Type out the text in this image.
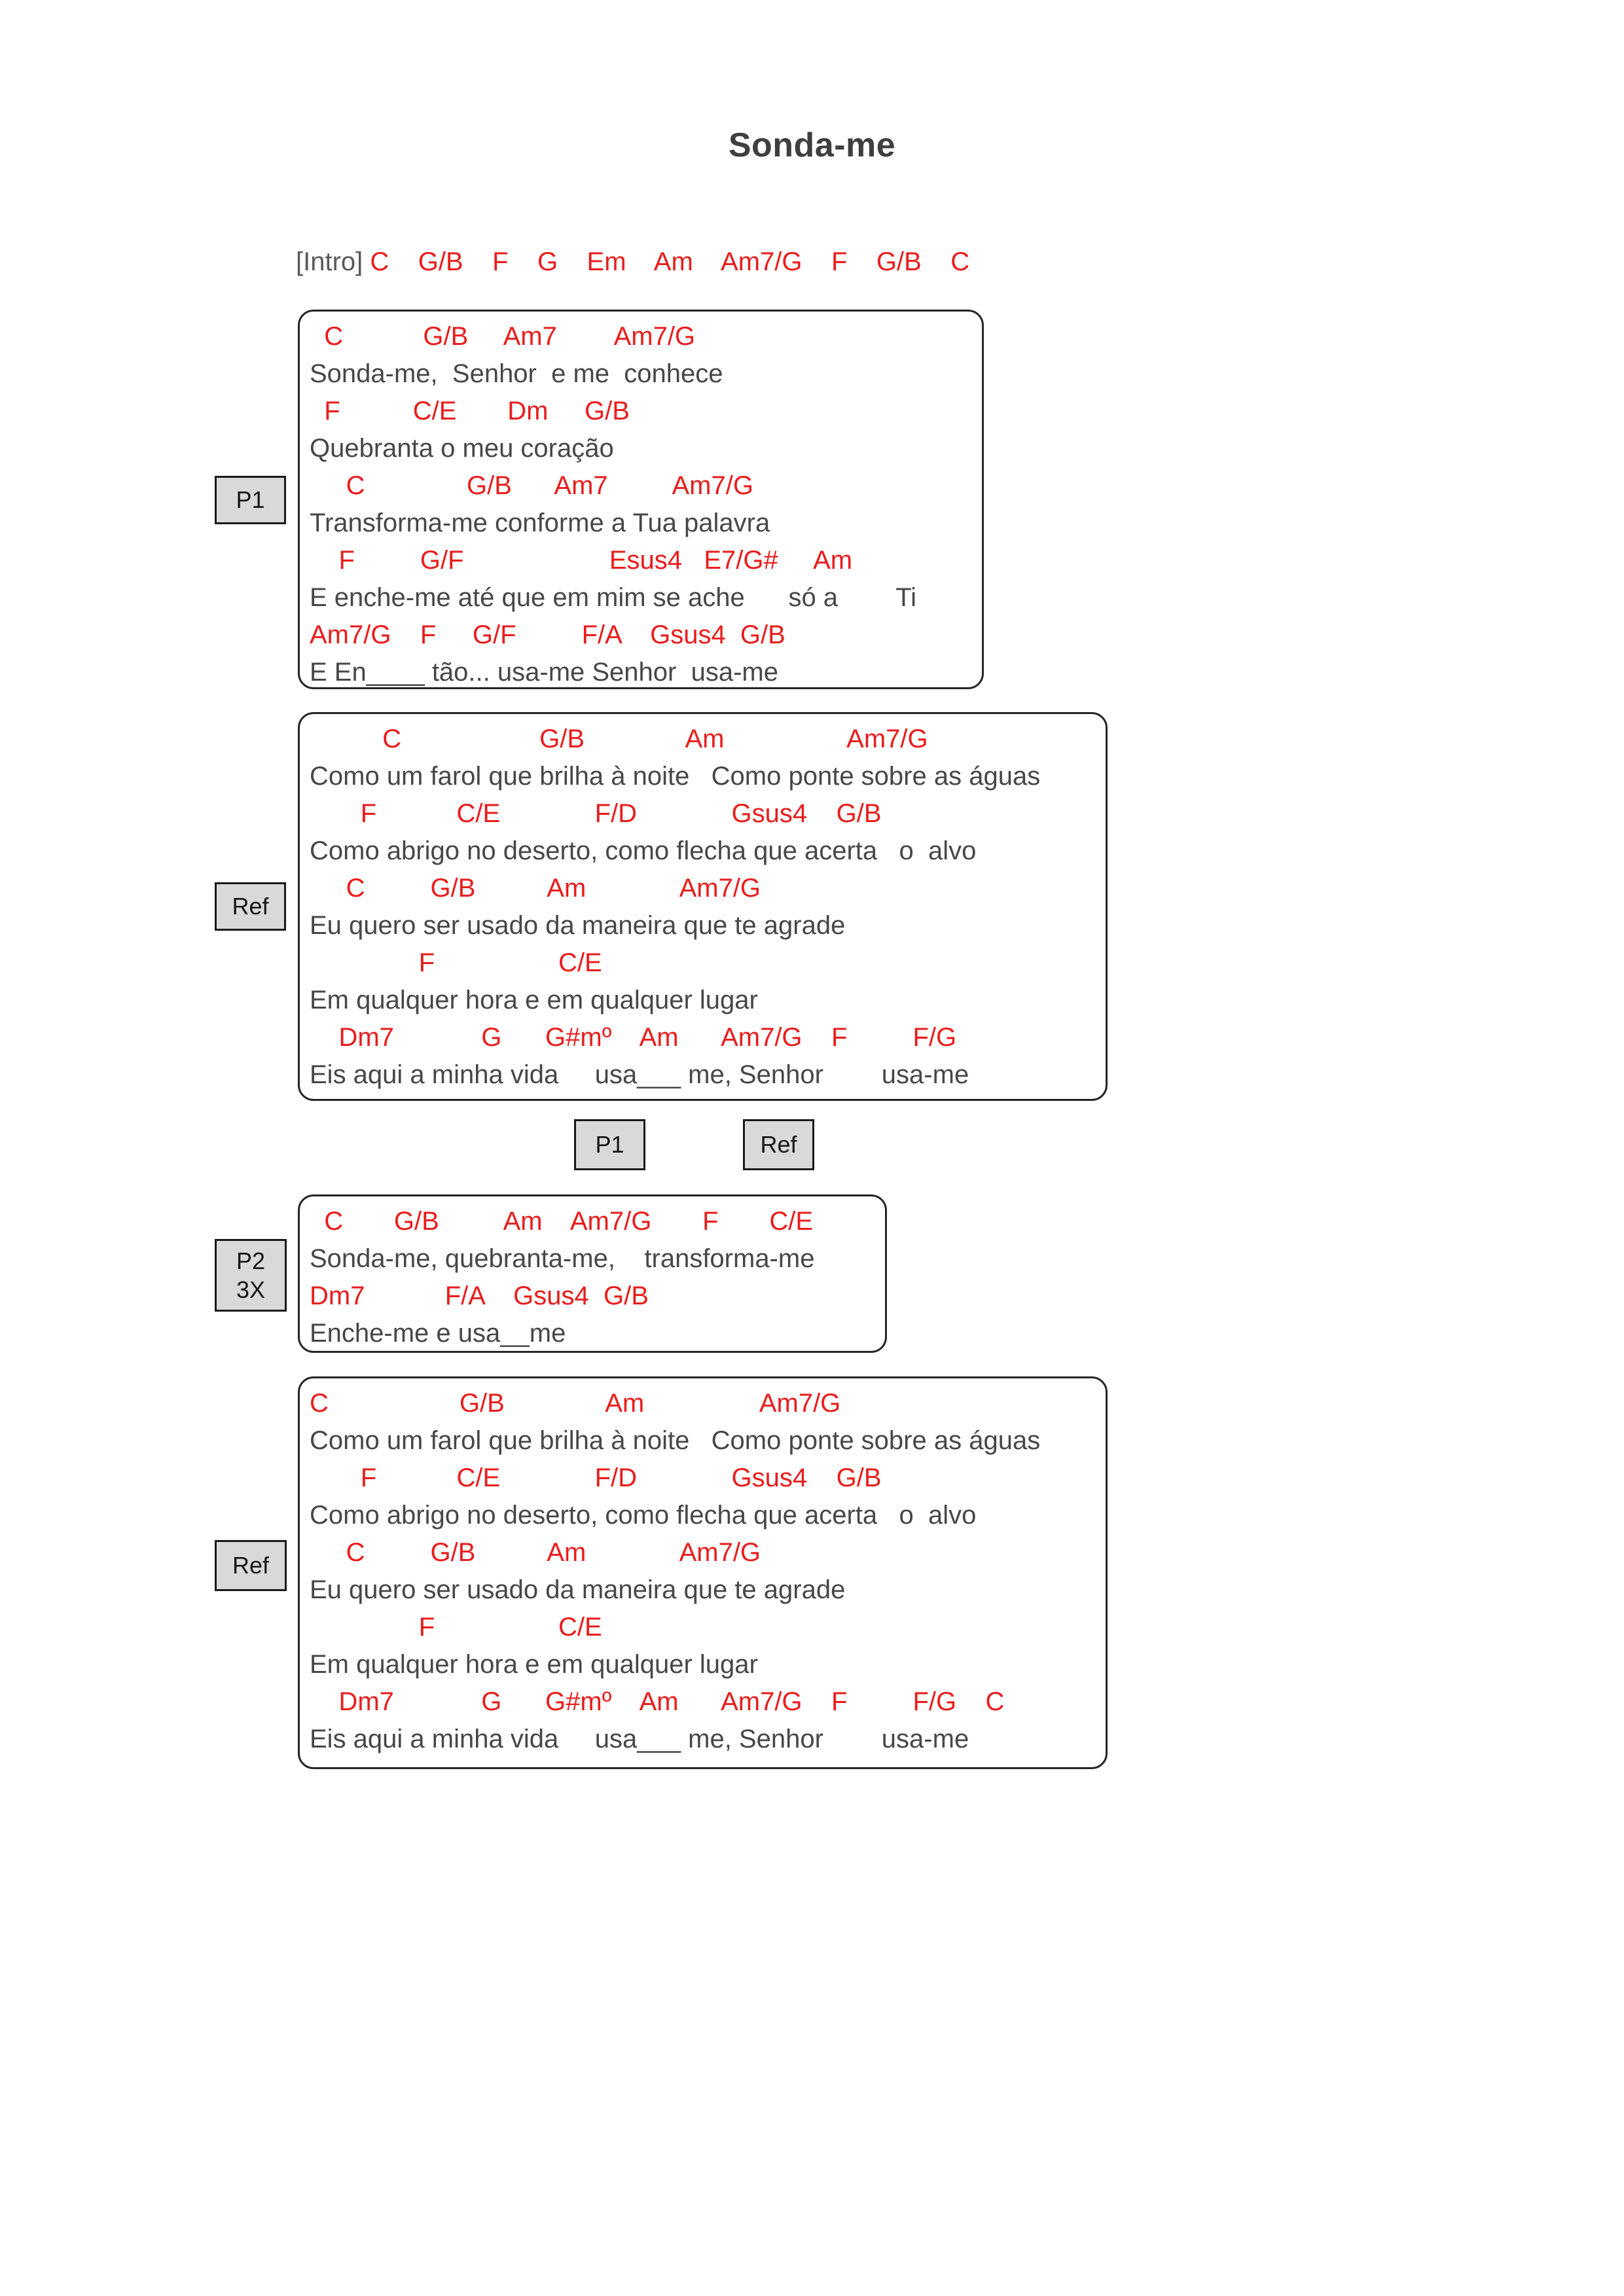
Sonda-me
[Intro] C    G/B    F    G    Em    Am    Am7/G    F    G/B    C
P1
C           G/B     Am7        Am7/G
Sonda-me,  Senhor  e me  conhece
F          C/E       Dm     G/B
Quebranta o meu coração
C              G/B      Am7         Am7/G
Transforma-me conforme a Tua palavra
F         G/F                    Esus4   E7/G#     Am
E enche-me até que em mim se ache      só a        Ti
Am7/G    F     G/F         F/A    Gsus4  G/B
E En____ tão... usa-me Senhor  usa-me
Ref
C                   G/B              Am                 Am7/G
Como um farol que brilha à noite   Como ponte sobre as águas
F           C/E             F/D             Gsus4    G/B
Como abrigo no deserto, como flecha que acerta   o  alvo
C         G/B          Am             Am7/G
Eu quero ser usado da maneira que te agrade
F                 C/E
Em qualquer hora e em qualquer lugar
Dm7            G      G#mº    Am      Am7/G    F         F/G
Eis aqui a minha vida     usa___ me, Senhor        usa-me
P1	Ref
P2
3X
C       G/B         Am    Am7/G       F       C/E
Sonda-me, quebranta-me,    transforma-me
Dm7           F/A    Gsus4  G/B
Enche-me e usa__me
Ref
C                  G/B              Am                Am7/G
Como um farol que brilha à noite   Como ponte sobre as águas
F           C/E             F/D             Gsus4    G/B
Como abrigo no deserto, como flecha que acerta   o  alvo
C         G/B          Am             Am7/G
Eu quero ser usado da maneira que te agrade
F                 C/E
Em qualquer hora e em qualquer lugar
Dm7            G      G#mº    Am      Am7/G    F         F/G    C
Eis aqui a minha vida     usa___ me, Senhor        usa-me
